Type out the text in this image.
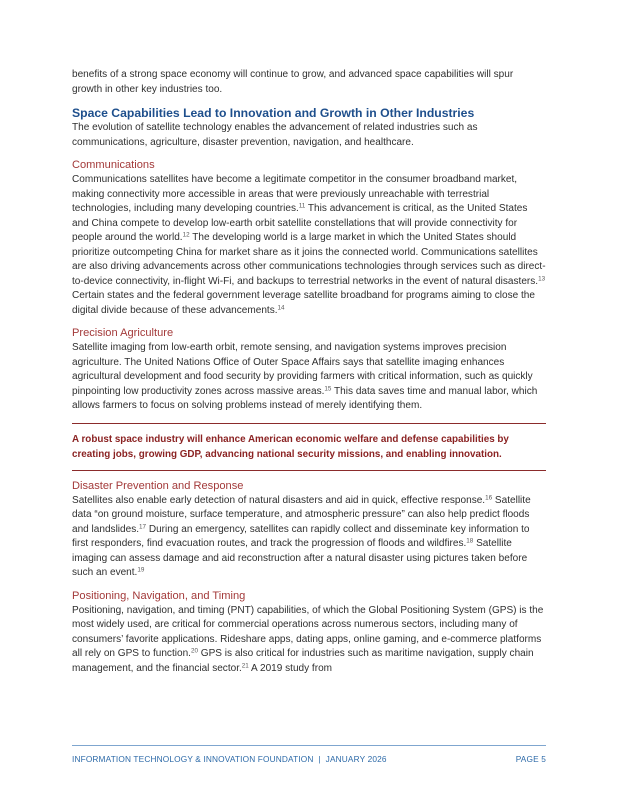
benefits of a strong space economy will continue to grow, and advanced space capabilities will spur growth in other key industries too.

Space Capabilities Lead to Innovation and Growth in Other Industries

The evolution of satellite technology enables the advancement of related industries such as communications, agriculture, disaster prevention, navigation, and healthcare.

Communications

Communications satellites have become a legitimate competitor in the consumer broadband market, making connectivity more accessible in areas that were previously unreachable with terrestrial technologies, including many developing countries.$^{11}$ This advancement is critical, as the United States and China compete to develop low-earth orbit satellite constellations that will provide connectivity for people around the world.$^{12}$ The developing world is a large market in which the United States should prioritize outcompeting China for market share as it joins the connected world. Communications satellites are also driving advancements across other communications technologies through services such as direct-to-device connectivity, in-flight Wi-Fi, and backups to terrestrial networks in the event of natural disasters.$^{13}$ Certain states and the federal government leverage satellite broadband for programs aiming to close the digital divide because of these advancements.$^{14}$

Precision Agriculture

Satellite imaging from low-earth orbit, remote sensing, and navigation systems improves precision agriculture. The United Nations Office of Outer Space Affairs says that satellite imaging enhances agricultural development and food security by providing farmers with critical information, such as quickly pinpointing low productivity zones across massive areas.$^{15}$ This data saves time and manual labor, which allows farmers to focus on solving problems instead of merely identifying them.

A robust space industry will enhance American economic welfare and defense capabilities by creating jobs, growing GDP, advancing national security missions, and enabling innovation.

Disaster Prevention and Response

Satellites also enable early detection of natural disasters and aid in quick, effective response.$^{16}$ Satellite data “on ground moisture, surface temperature, and atmospheric pressure” can also help predict floods and landslides.$^{17}$ During an emergency, satellites can rapidly collect and disseminate key information to first responders, find evacuation routes, and track the progression of floods and wildfires.$^{18}$ Satellite imaging can assess damage and aid reconstruction after a natural disaster using pictures taken before such an event.$^{19}$

Positioning, Navigation, and Timing

Positioning, navigation, and timing (PNT) capabilities, of which the Global Positioning System (GPS) is the most widely used, are critical for commercial operations across numerous sectors, including many of consumers’ favorite applications. Rideshare apps, dating apps, online gaming, and e-commerce platforms all rely on GPS to function.$^{20}$ GPS is also critical for industries such as maritime navigation, supply chain management, and the financial sector.$^{21}$ A 2019 study from

INFORMATION TECHNOLOGY & INNOVATION FOUNDATION  |  JANUARY 2026	PAGE 5
